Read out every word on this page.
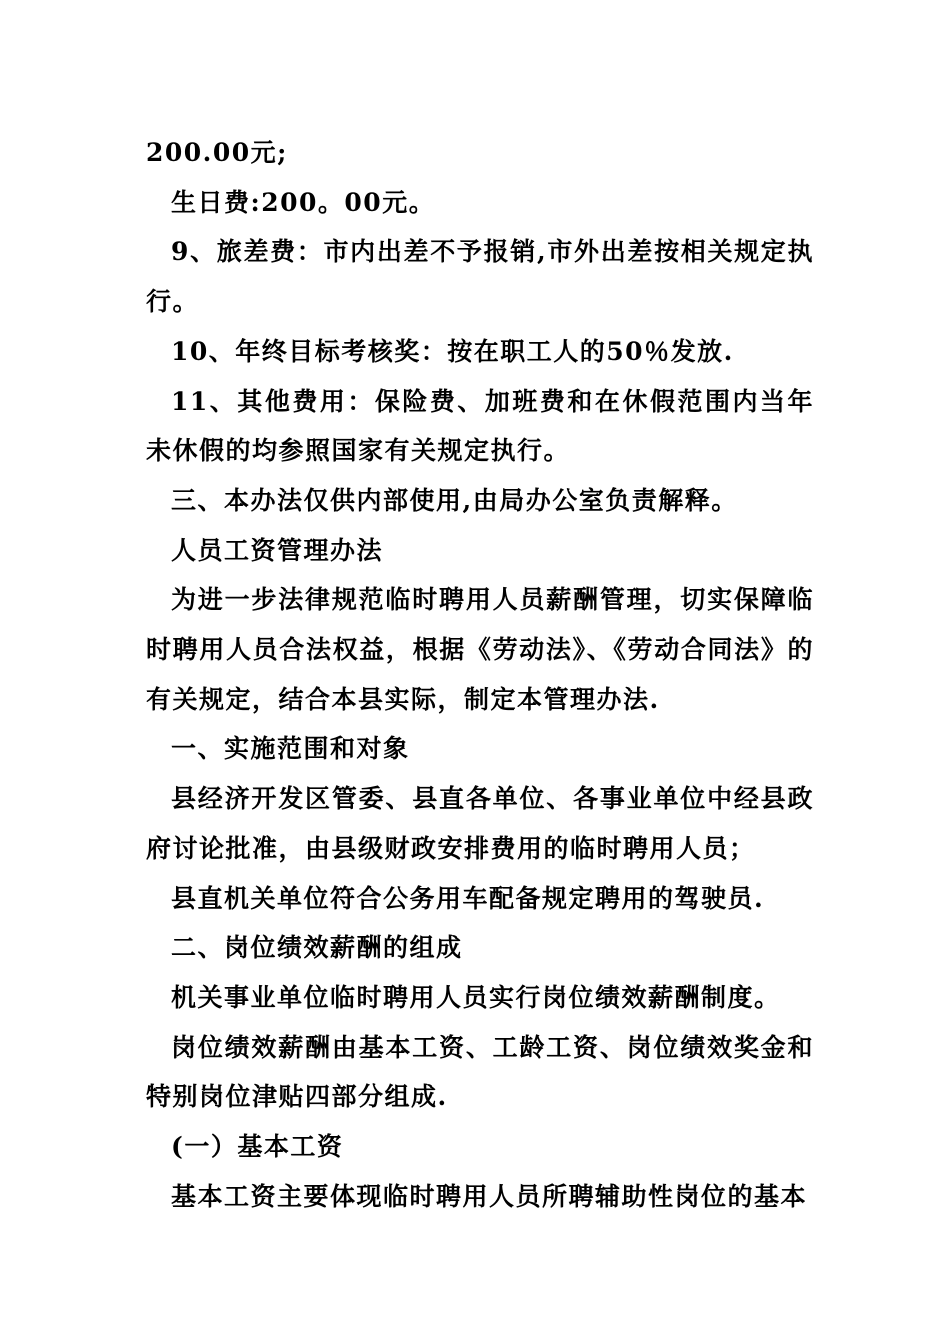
200.00元;

生日费:200。00元。

9、旅差费：市内出差不予报销,市外出差按相关规定执行。

10、年终目标考核奖：按在职工人的50％发放.

11、其他费用：保险费、加班费和在休假范围内当年未休假的均参照国家有关规定执行。

三、本办法仅供内部使用,由局办公室负责解释。

人员工资管理办法

为进一步法律规范临时聘用人员薪酬管理，切实保障临时聘用人员合法权益，根据《劳动法》、《劳动合同法》的有关规定，结合本县实际，制定本管理办法.

一、实施范围和对象

县经济开发区管委、县直各单位、各事业单位中经县政府讨论批准，由县级财政安排费用的临时聘用人员；

县直机关单位符合公务用车配备规定聘用的驾驶员.

二、岗位绩效薪酬的组成

机关事业单位临时聘用人员实行岗位绩效薪酬制度。

岗位绩效薪酬由基本工资、工龄工资、岗位绩效奖金和特别岗位津贴四部分组成.

(一）基本工资

基本工资主要体现临时聘用人员所聘辅助性岗位的基本
